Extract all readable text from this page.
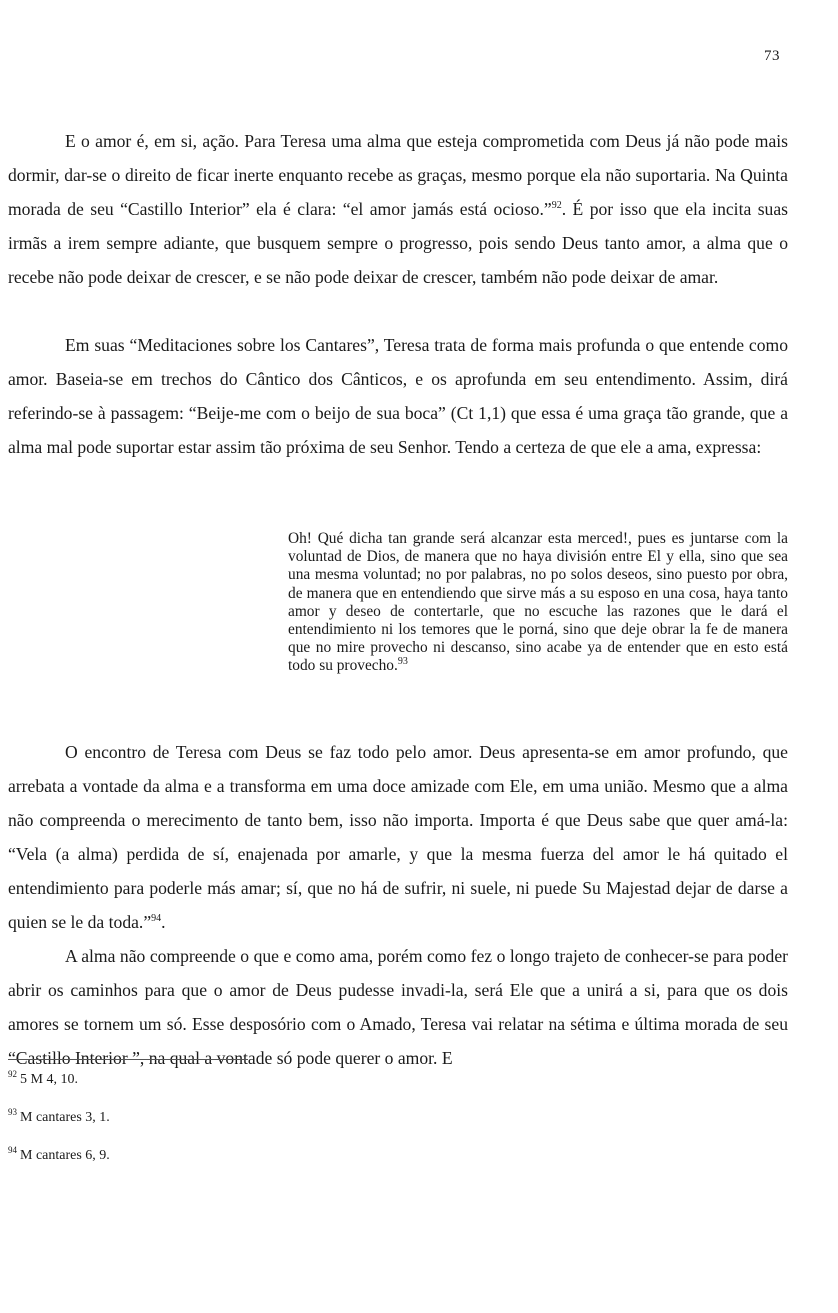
73

E o amor é, em si, ação. Para Teresa uma alma que esteja comprometida com Deus já não pode mais dormir, dar-se o direito de ficar inerte enquanto recebe as graças, mesmo porque ela não suportaria. Na Quinta morada de seu “Castillo Interior” ela é clara: “el amor jamás está ocioso.”$^{92}$. É por isso que ela incita suas irmãs a irem sempre adiante, que busquem sempre o progresso, pois sendo Deus tanto amor, a alma que o recebe não pode deixar de crescer, e se não pode deixar de crescer, também não pode deixar de amar.

Em suas “Meditaciones sobre los Cantares”, Teresa trata de forma mais profunda o que entende como amor. Baseia-se em trechos do Cântico dos Cânticos, e os aprofunda em seu entendimento. Assim, dirá referindo-se à passagem: “Beije-me com o beijo de sua boca” (Ct 1,1) que essa é uma graça tão grande, que a alma mal pode suportar estar assim tão próxima de seu Senhor. Tendo a certeza de que ele a ama, expressa:

Oh! Qué dicha tan grande será alcanzar esta merced!, pues es juntarse com la voluntad de Dios, de manera que no haya división entre El y ella, sino que sea una mesma voluntad; no por palabras, no po solos deseos, sino puesto por obra, de manera que en entendiendo que sirve más a su esposo en una cosa, haya tanto amor y deseo de contertarle, que no escuche las razones que le dará el entendimiento ni los temores que le porná, sino que deje obrar la fe de manera que no mire provecho ni descanso, sino acabe ya de entender que en esto está todo su provecho.$^{93}$

O encontro de Teresa com Deus se faz todo pelo amor. Deus apresenta-se em amor profundo, que arrebata a vontade da alma e a transforma em uma doce amizade com Ele, em uma união. Mesmo que a alma não compreenda o merecimento de tanto bem, isso não importa. Importa é que Deus sabe que quer amá-la: “Vela (a alma) perdida de sí, enajenada por amarle, y que la mesma fuerza del amor le há quitado el entendimiento para poderle más amar; sí, que no há de sufrir, ni suele, ni puede Su Majestad dejar de darse a quien se le da toda.”$^{94}$.

A alma não compreende o que e como ama, porém como fez o longo trajeto de conhecer-se para poder abrir os caminhos para que o amor de Deus pudesse invadi-la, será Ele que a unirá a si, para que os dois amores se tornem um só. Esse desposório com o Amado, Teresa vai relatar na sétima e última morada de seu “Castillo Interior ”, na qual a vontade só pode querer o amor. E

$^{92}$ 5 M 4, 10.
$^{93}$ M cantares 3, 1.
$^{94}$ M cantares 6, 9.
